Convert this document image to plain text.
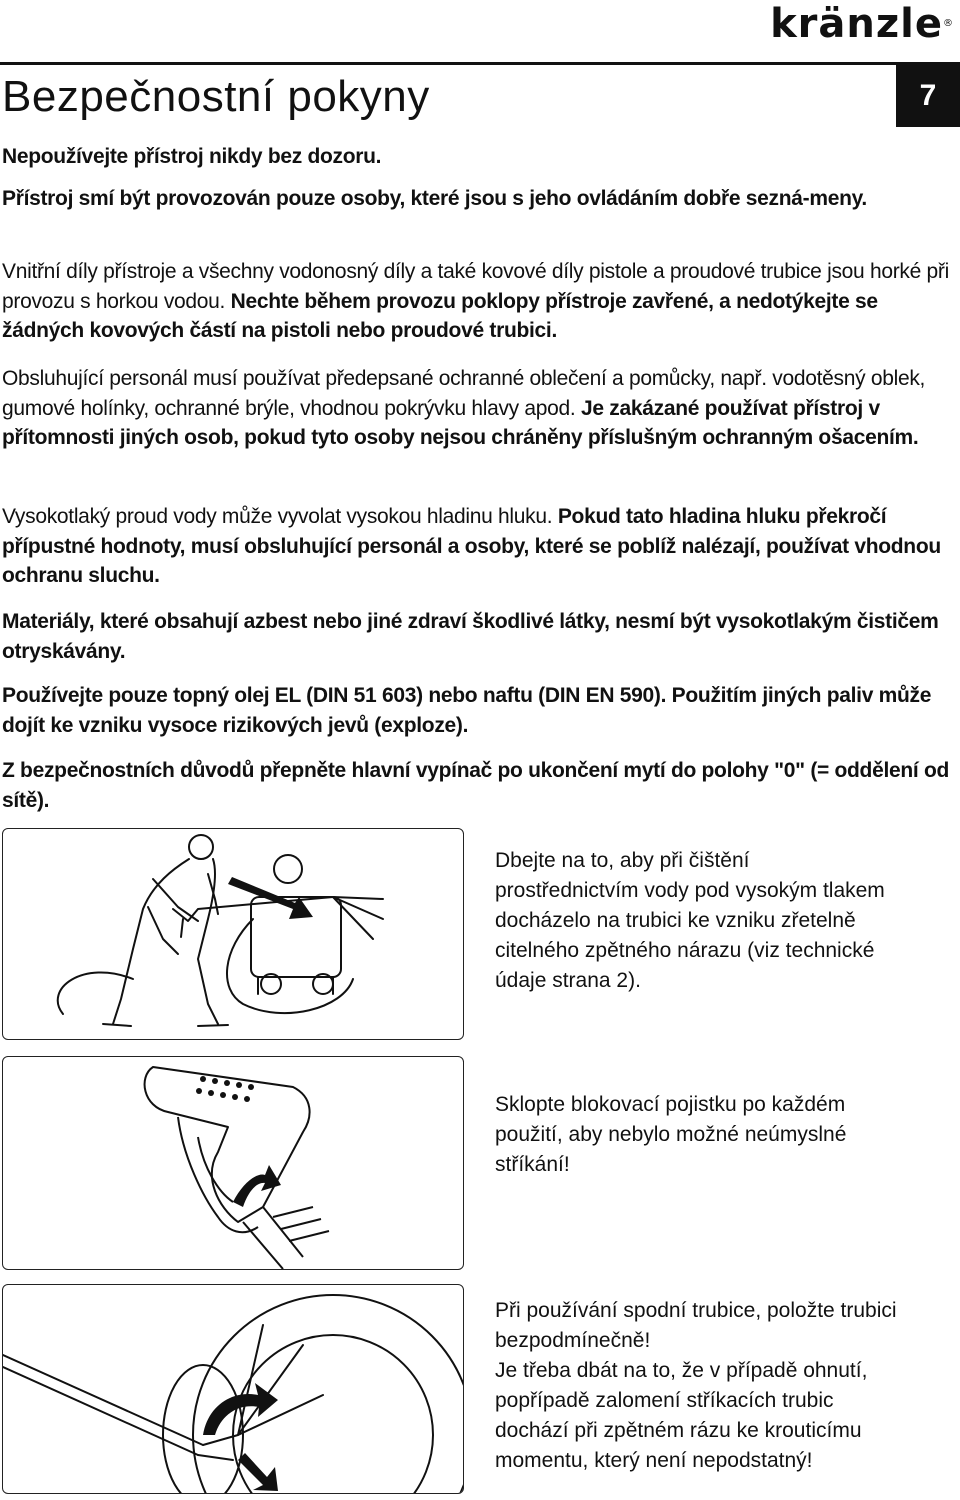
kränzle®
7
Bezpečnostní pokyny

Nepoužívejte přístroj nikdy bez dozoru.

Přístroj smí být provozován pouze osoby, které jsou s jeho ovládáním dobře sezná-meny.

Vnitřní díly přístroje a všechny vodonosný díly a také kovové díly pistole a proudové trubice jsou horké při provozu s horkou vodou. Nechte během provozu poklopy přístroje zavřené, a nedotýkejte se žádných kovových částí na pistoli nebo proudové trubici.

Obsluhující personál musí používat předepsané ochranné oblečení a pomůcky, např. vodotěsný oblek, gumové holínky, ochranné brýle, vhodnou pokrývku hlavy apod. Je zakázané používat přístroj v přítomnosti jiných osob, pokud tyto osoby nejsou chráněny příslušným ochranným ošacením.

Vysokotlaký proud vody může vyvolat vysokou hladinu hluku. Pokud tato hladina hluku překročí přípustné hodnoty, musí obsluhující personál a osoby, které se poblíž nalézají, používat vhodnou ochranu sluchu.

Materiály, které obsahují azbest nebo jiné zdraví škodlivé látky, nesmí být vysokotlakým čističem otryskávány.

Používejte pouze topný olej EL (DIN 51 603) nebo naftu (DIN EN 590). Použitím jiných paliv může dojít ke vzniku vysoce rizikových jevů (exploze).

Z bezpečnostních důvodů přepněte hlavní vypínač po ukončení mytí do polohy "0" (= oddělení od sítě).

Dbejte na to, aby při čištění
prostřednictvím vody pod vysokým tlakem
docházelo na trubici ke vzniku zřetelně
citelného zpětného nárazu (viz technické
údaje strana 2).

Sklopte blokovací pojistku po každém
použití, aby nebylo možné neúmyslné
stříkání!

Při používání spodní trubice, položte trubici
bezpodmínečně!
Je třeba dbát na to, že v případě ohnutí,
popřípadě zalomení stříkacích trubic
dochází při zpětném rázu ke krouticímu
momentu, který není nepodstatný!
